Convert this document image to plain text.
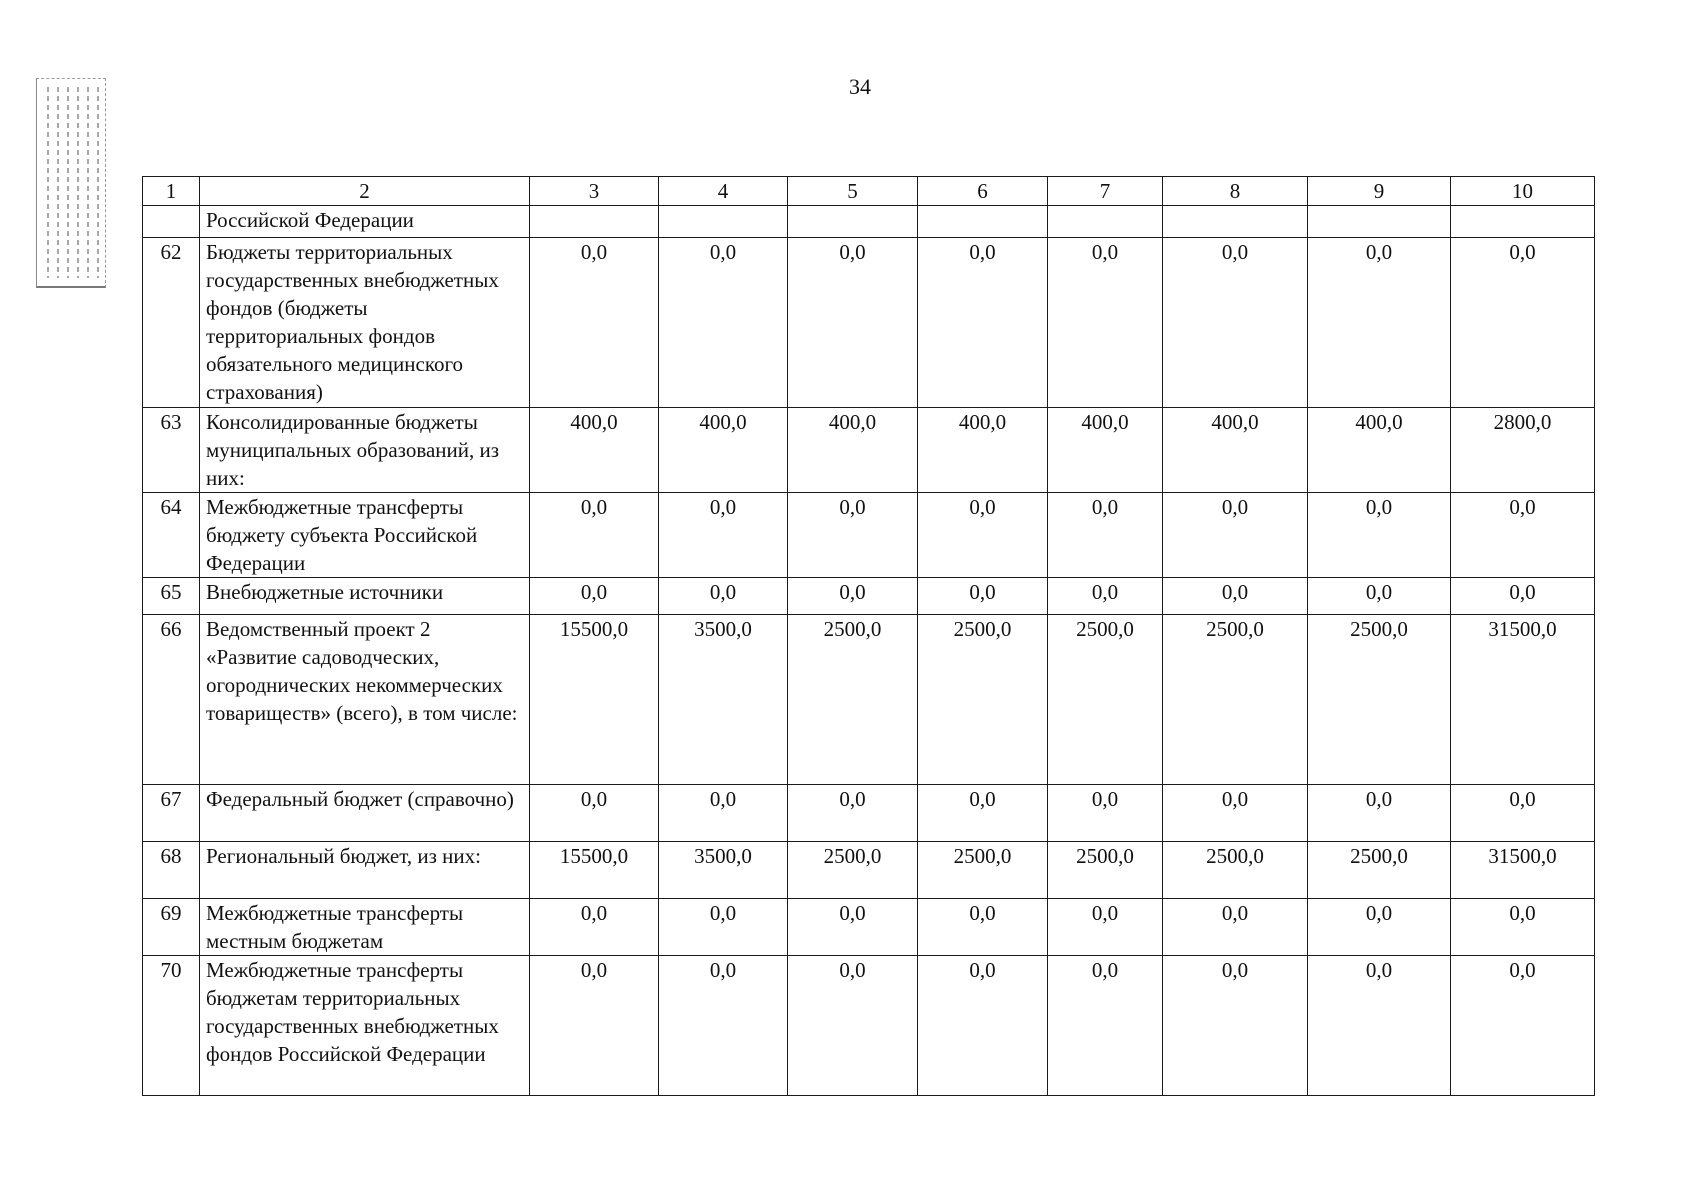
34
1	2	3	4	5	6	7	8	9	10
	Российской Федерации								
62	Бюджеты территориальных государственных внебюджетных фондов (бюджеты территориальных фондов обязательного медицинского страхования)	0,0	0,0	0,0	0,0	0,0	0,0	0,0	0,0
63	Консолидированные бюджеты муниципальных образований, из них:	400,0	400,0	400,0	400,0	400,0	400,0	400,0	2800,0
64	Межбюджетные трансферты бюджету субъекта Российской Федерации	0,0	0,0	0,0	0,0	0,0	0,0	0,0	0,0
65	Внебюджетные источники	0,0	0,0	0,0	0,0	0,0	0,0	0,0	0,0
66	Ведомственный проект 2 «Развитие садоводческих, огороднических некоммерческих товариществ» (всего), в том числе:	15500,0	3500,0	2500,0	2500,0	2500,0	2500,0	2500,0	31500,0
67	Федеральный бюджет (справочно)	0,0	0,0	0,0	0,0	0,0	0,0	0,0	0,0
68	Региональный бюджет, из них:	15500,0	3500,0	2500,0	2500,0	2500,0	2500,0	2500,0	31500,0
69	Межбюджетные трансферты местным бюджетам	0,0	0,0	0,0	0,0	0,0	0,0	0,0	0,0
70	Межбюджетные трансферты бюджетам территориальных государственных внебюджетных фондов Российской Федерации	0,0	0,0	0,0	0,0	0,0	0,0	0,0	0,0
